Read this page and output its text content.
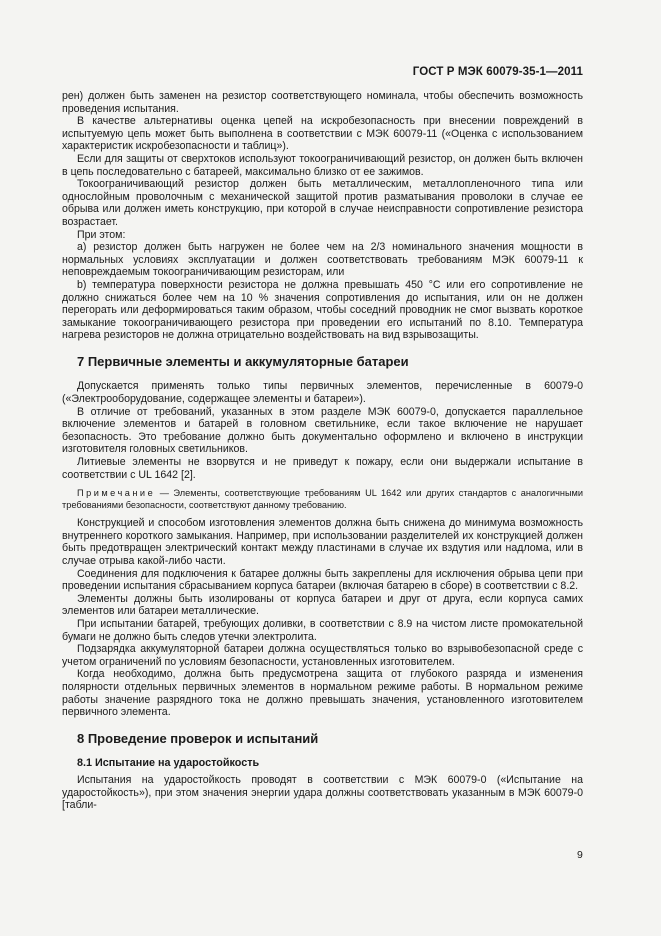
ГОСТ Р МЭК 60079-35-1—2011

рен) должен быть заменен на резистор соответствующего номинала, чтобы обеспечить возможность проведения испытания.

В качестве альтернативы оценка цепей на искробезопасность при внесении повреждений в испытуемую цепь может быть выполнена в соответствии с МЭК 60079-11 («Оценка с использованием характеристик искробезопасности и таблиц»).

Если для защиты от сверхтоков используют токоограничивающий резистор, он должен быть включен в цепь последовательно с батареей, максимально близко от ее зажимов.

Токоограничивающий резистор должен быть металлическим, металлопленочного типа или однослойным проволочным с механической защитой против разматывания проволоки в случае ее обрыва или должен иметь конструкцию, при которой в случае неисправности сопротивление резистора возрастает.

При этом:

a) резистор должен быть нагружен не более чем на 2/3 номинального значения мощности в нормальных условиях эксплуатации и должен соответствовать требованиям МЭК 60079-11 к неповреждаемым токоограничивающим резисторам, или

b) температура поверхности резистора не должна превышать 450 °C или его сопротивление не должно снижаться более чем на 10 % значения сопротивления до испытания, или он не должен перегорать или деформироваться таким образом, чтобы соседний проводник не смог вызвать короткое замыкание токоограничивающего резистора при проведении его испытаний по 8.10. Температура нагрева резисторов не должна отрицательно воздействовать на вид взрывозащиты.

7 Первичные элементы и аккумуляторные батареи

Допускается применять только типы первичных элементов, перечисленные в 60079-0 («Электрооборудование, содержащее элементы и батареи»).

В отличие от требований, указанных в этом разделе МЭК 60079-0, допускается параллельное включение элементов и батарей в головном светильнике, если такое включение не нарушает безопасность. Это требование должно быть документально оформлено и включено в инструкции изготовителя головных светильников.

Литиевые элементы не взорвутся и не приведут к пожару, если они выдержали испытание в соответствии с UL 1642 [2].

Примечание — Элементы, соответствующие требованиям UL 1642 или других стандартов с аналогичными требованиями безопасности, соответствуют данному требованию.

Конструкцией и способом изготовления элементов должна быть снижена до минимума возможность внутреннего короткого замыкания. Например, при использовании разделителей их конструкцией должен быть предотвращен электрический контакт между пластинами в случае их вздутия или надлома, или в случае отрыва какой-либо части.

Соединения для подключения к батарее должны быть закреплены для исключения обрыва цепи при проведении испытания сбрасыванием корпуса батареи (включая батарею в сборе) в соответствии с 8.2.

Элементы должны быть изолированы от корпуса батареи и друг от друга, если корпуса самих элементов или батареи металлические.

При испытании батарей, требующих доливки, в соответствии с 8.9 на чистом листе промокательной бумаги не должно быть следов утечки электролита.

Подзарядка аккумуляторной батареи должна осуществляться только во взрывобезопасной среде с учетом ограничений по условиям безопасности, установленных изготовителем.

Когда необходимо, должна быть предусмотрена защита от глубокого разряда и изменения полярности отдельных первичных элементов в нормальном режиме работы. В нормальном режиме работы значение разрядного тока не должно превышать значения, установленного изготовителем первичного элемента.

8 Проведение проверок и испытаний
8.1 Испытание на ударостойкость

Испытания на ударостойкость проводят в соответствии с МЭК 60079-0 («Испытание на ударостойкость»), при этом значения энергии удара должны соответствовать указанным в МЭК 60079-0 [табли-

9
